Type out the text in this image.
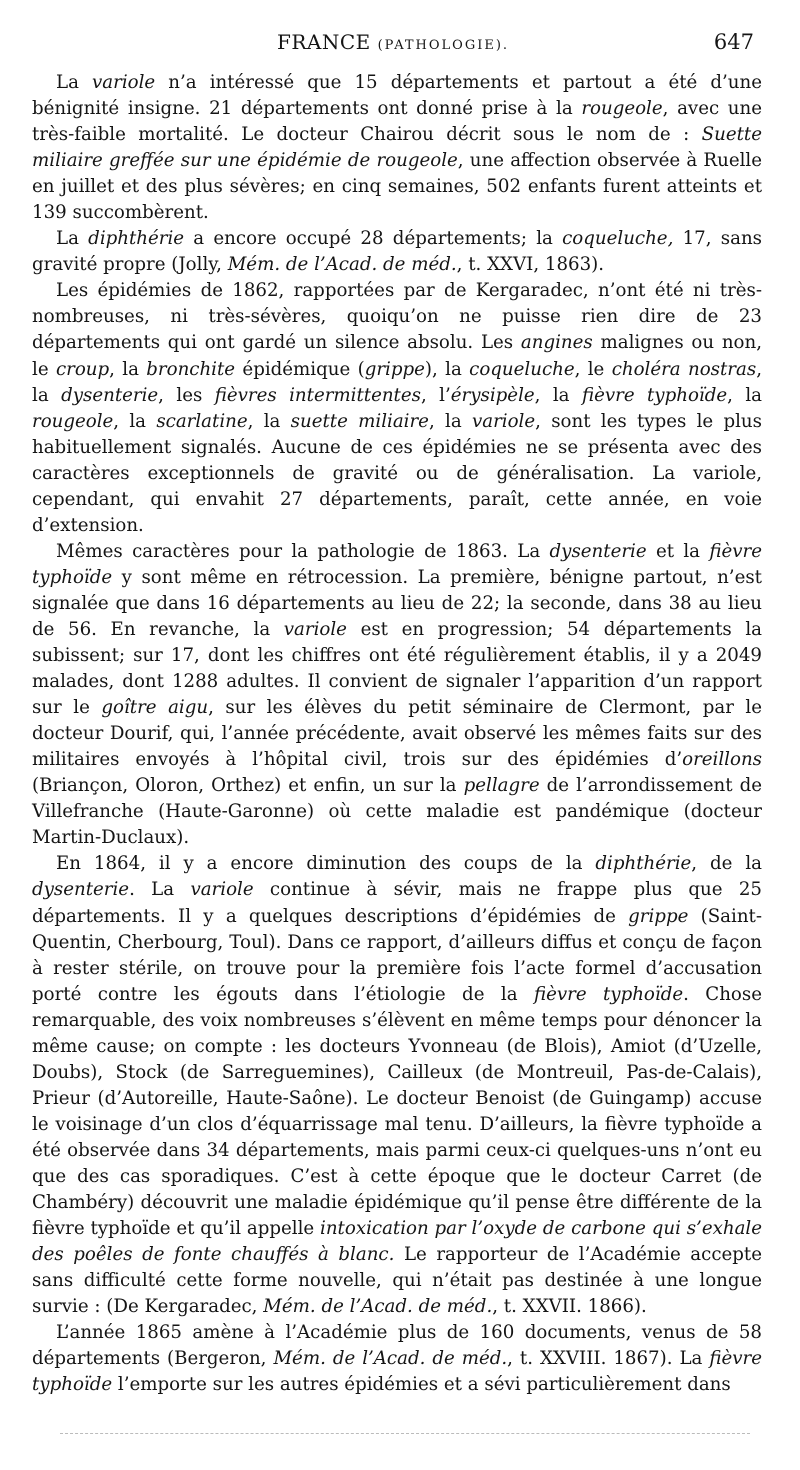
FRANCE (PATHOLOGIE).	647

La variole n’a intéressé que 15 départements et partout a été d’une bénignité insigne. 21 départements ont donné prise à la rougeole, avec une très-faible mortalité. Le docteur Chairou décrit sous le nom de : Suette miliaire greffée sur une épidémie de rougeole, une affection observée à Ruelle en juillet et des plus sévères; en cinq semaines, 502 enfants furent atteints et 139 succombèrent.

La diphthérie a encore occupé 28 départements; la coqueluche, 17, sans gravité propre (Jolly, Mém. de l’Acad. de méd., t. XXVI, 1863).

Les épidémies de 1862, rapportées par de Kergaradec, n’ont été ni très-nombreuses, ni très-sévères, quoiqu’on ne puisse rien dire de 23 départements qui ont gardé un silence absolu. Les angines malignes ou non, le croup, la bronchite épidémique (grippe), la coqueluche, le choléra nostras, la dysenterie, les fièvres intermittentes, l’érysipèle, la fièvre typhoïde, la rougeole, la scarlatine, la suette miliaire, la variole, sont les types le plus habituellement signalés. Aucune de ces épidémies ne se présenta avec des caractères exceptionnels de gravité ou de généralisation. La variole, cependant, qui envahit 27 départements, paraît, cette année, en voie d’extension.

Mêmes caractères pour la pathologie de 1863. La dysenterie et la fièvre typhoïde y sont même en rétrocession. La première, bénigne partout, n’est signalée que dans 16 départements au lieu de 22; la seconde, dans 38 au lieu de 56. En revanche, la variole est en progression; 54 départements la subissent; sur 17, dont les chiffres ont été régulièrement établis, il y a 2049 malades, dont 1288 adultes. Il convient de signaler l’apparition d’un rapport sur le goître aigu, sur les élèves du petit séminaire de Clermont, par le docteur Dourif, qui, l’année précédente, avait observé les mêmes faits sur des militaires envoyés à l’hôpital civil, trois sur des épidémies d’oreillons (Briançon, Oloron, Orthez) et enfin, un sur la pellagre de l’arrondissement de Villefranche (Haute-Garonne) où cette maladie est pandémique (docteur Martin-Duclaux).

En 1864, il y a encore diminution des coups de la diphthérie, de la dysenterie. La variole continue à sévir, mais ne frappe plus que 25 départements. Il y a quelques descriptions d’épidémies de grippe (Saint-Quentin, Cherbourg, Toul). Dans ce rapport, d’ailleurs diffus et conçu de façon à rester stérile, on trouve pour la première fois l’acte formel d’accusation porté contre les égouts dans l’étiologie de la fièvre typhoïde. Chose remarquable, des voix nombreuses s’élèvent en même temps pour dénoncer la même cause; on compte : les docteurs Yvonneau (de Blois), Amiot (d’Uzelle, Doubs), Stock (de Sarreguemines), Cailleux (de Montreuil, Pas-de-Calais), Prieur (d’Autoreille, Haute-Saône). Le docteur Benoist (de Guingamp) accuse le voisinage d’un clos d’équarrissage mal tenu. D’ailleurs, la fièvre typhoïde a été observée dans 34 départements, mais parmi ceux-ci quelques-uns n’ont eu que des cas sporadiques. C’est à cette époque que le docteur Carret (de Chambéry) découvrit une maladie épidémique qu’il pense être différente de la fièvre typhoïde et qu’il appelle intoxication par l’oxyde de carbone qui s’exhale des poêles de fonte chauffés à blanc. Le rapporteur de l’Académie accepte sans difficulté cette forme nouvelle, qui n’était pas destinée à une longue survie : (De Kergaradec, Mém. de l’Acad. de méd., t. XXVII. 1866).

L’année 1865 amène à l’Académie plus de 160 documents, venus de 58 départements (Bergeron, Mém. de l’Acad. de méd., t. XXVIII. 1867). La fièvre typhoïde l’emporte sur les autres épidémies et a sévi particulièrement dans
